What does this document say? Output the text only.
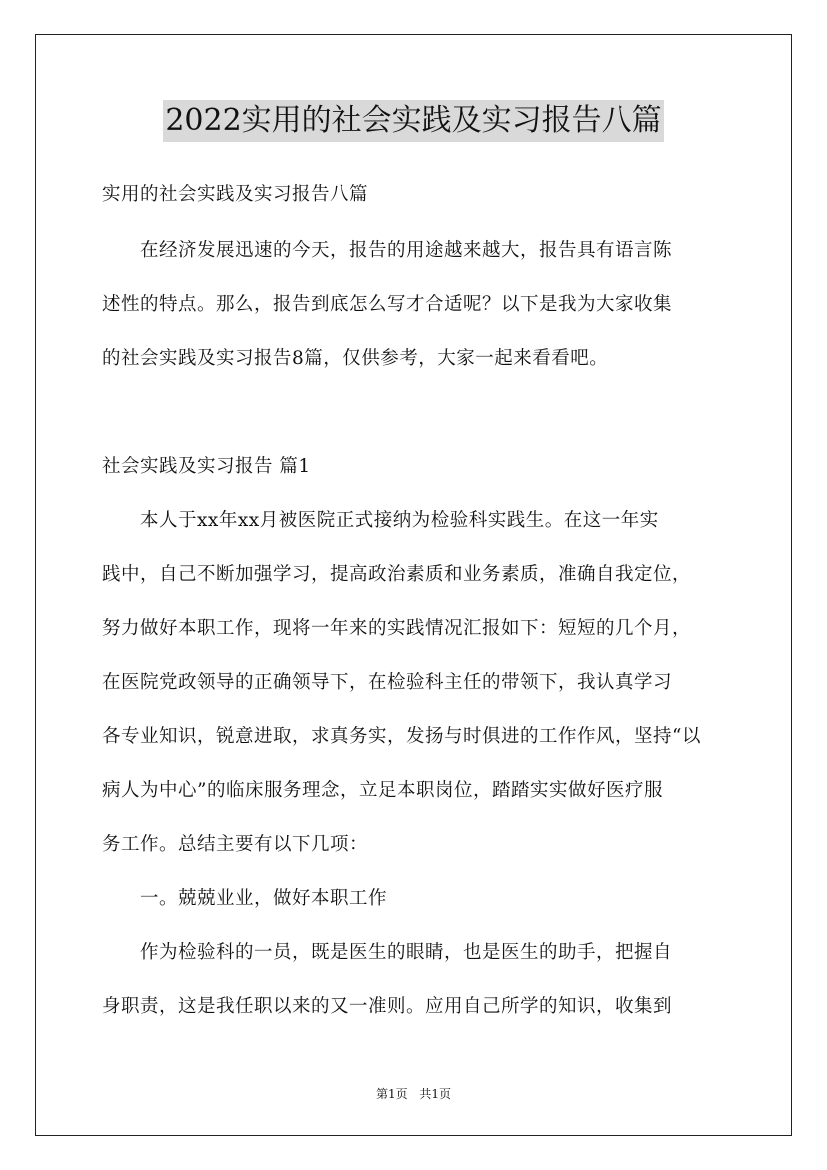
2022实用的社会实践及实习报告八篇

实用的社会实践及实习报告八篇

　　在经济发展迅速的今天，报告的用途越来越大，报告具有语言陈

述性的特点。那么，报告到底怎么写才合适呢？以下是我为大家收集

的社会实践及实习报告8篇，仅供参考，大家一起来看看吧。

社会实践及实习报告 篇1

　　本人于xx年xx月被医院正式接纳为检验科实践生。在这一年实

践中，自己不断加强学习，提高政治素质和业务素质，准确自我定位，

努力做好本职工作，现将一年来的实践情况汇报如下：短短的几个月，

在医院党政领导的正确领导下，在检验科主任的带领下，我认真学习

各专业知识，锐意进取，求真务实，发扬与时俱进的工作作风，坚持“以

病人为中心”的临床服务理念，立足本职岗位，踏踏实实做好医疗服

务工作。总结主要有以下几项：

　　一。兢兢业业，做好本职工作

　　作为检验科的一员，既是医生的眼睛，也是医生的助手，把握自

身职责，这是我任职以来的又一准则。应用自己所学的知识，收集到

第1页 共1页
